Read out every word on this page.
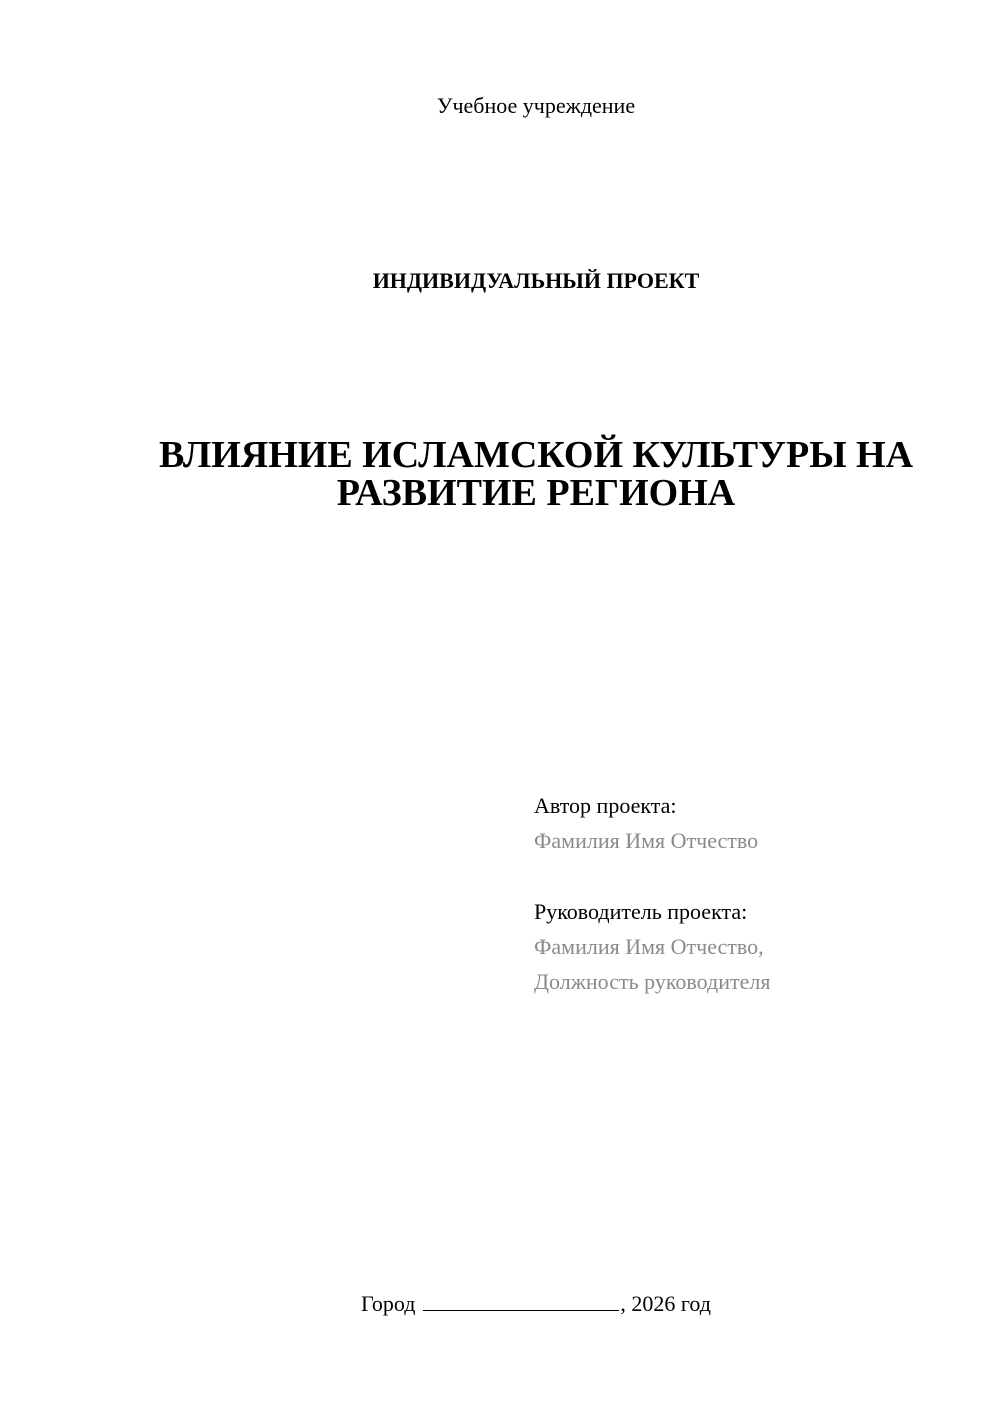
Учебное учреждение
ИНДИВИДУАЛЬНЫЙ ПРОЕКТ
ВЛИЯНИЕ ИСЛАМСКОЙ КУЛЬТУРЫ НА
РАЗВИТИЕ РЕГИОНА
Автор проекта:
Фамилия Имя Отчество
Руководитель проекта:
Фамилия Имя Отчество,
Должность руководителя
Город	, 2026 год
